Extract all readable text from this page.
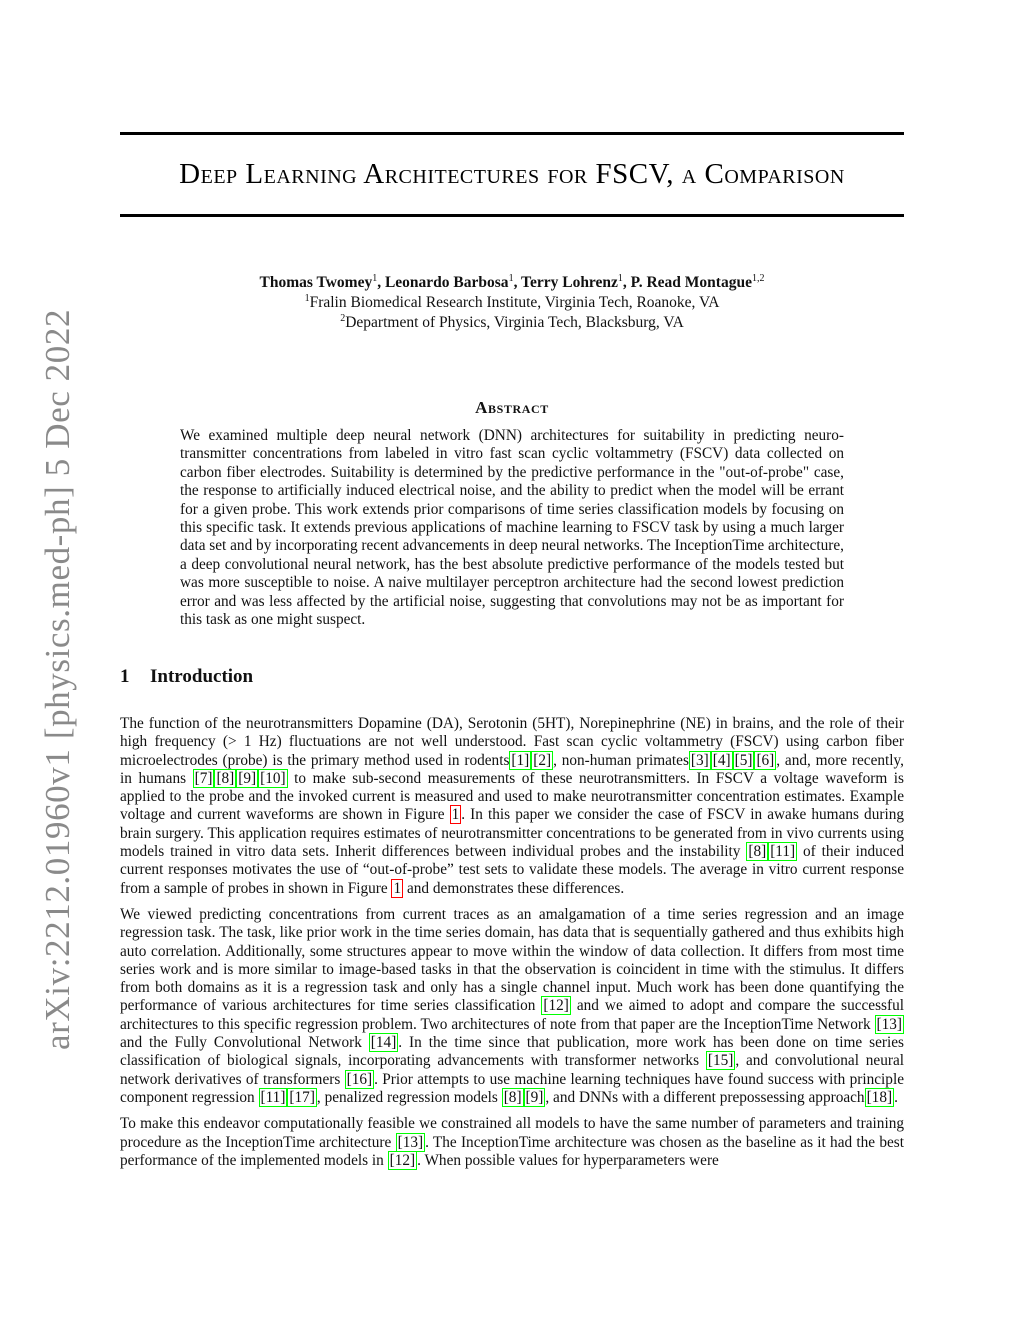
arXiv:2212.01960v1 [physics.med-ph] 5 Dec 2022
Deep Learning Architectures for FSCV, a Comparison
Thomas Twomey$^1$, Leonardo Barbosa$^1$, Terry Lohrenz$^1$, P. Read Montague$^{1,2}$
$^1$Fralin Biomedical Research Institute, Virginia Tech, Roanoke, VA
$^2$Department of Physics, Virginia Tech, Blacksburg, VA
Abstract
We examined multiple deep neural network (DNN) architectures for suitability in predicting neuro-transmitter concentrations from labeled in vitro fast scan cyclic voltammetry (FSCV) data collected on carbon fiber electrodes. Suitability is determined by the predictive performance in the "out-of-probe" case, the response to artificially induced electrical noise, and the ability to predict when the model will be errant for a given probe. This work extends prior comparisons of time series classification models by focusing on this specific task. It extends previous applications of machine learning to FSCV task by using a much larger data set and by incorporating recent advancements in deep neural networks. The InceptionTime architecture, a deep convolutional neural network, has the best absolute predictive performance of the models tested but was more susceptible to noise. A naive multilayer perceptron architecture had the second lowest prediction error and was less affected by the artificial noise, suggesting that convolutions may not be as important for this task as one might suspect.
1 Introduction

The function of the neurotransmitters Dopamine (DA), Serotonin (5HT), Norepinephrine (NE) in brains, and the role of their high frequency (> 1 Hz) fluctuations are not well understood. Fast scan cyclic voltammetry (FSCV) using carbon fiber microelectrodes (probe) is the primary method used in rodents [1] [2] , non-human primates [3] [4] [5] [6] , and, more recently, in humans [7] [8] [9] [10] to make sub-second measurements of these neurotransmitters. In FSCV a voltage waveform is applied to the probe and the invoked current is measured and used to make neurotransmitter concentration estimates. Example voltage and current waveforms are shown in Figure 1 . In this paper we consider the case of FSCV in awake humans during brain surgery. This application requires estimates of neurotransmitter concentrations to be generated from in vivo currents using models trained in vitro data sets. Inherit differences between individual probes and the instability [8] [11] of their induced current responses motivates the use of “out-of-probe” test sets to validate these models. The average in vitro current response from a sample of probes in shown in Figure 1 and demonstrates these differences.

We viewed predicting concentrations from current traces as an amalgamation of a time series regression and an image regression task. The task, like prior work in the time series domain, has data that is sequentially gathered and thus exhibits high auto correlation. Additionally, some structures appear to move within the window of data collection. It differs from most time series work and is more similar to image-based tasks in that the observation is coincident in time with the stimulus. It differs from both domains as it is a regression task and only has a single channel input. Much work has been done quantifying the performance of various architectures for time series classification [12] and we aimed to adopt and compare the successful architectures to this specific regression problem. Two architectures of note from that paper are the InceptionTime Network [13] and the Fully Convolutional Network [14] . In the time since that publication, more work has been done on time series classification of biological signals, incorporating advancements with transformer networks [15] , and convolutional neural network derivatives of transformers [16] . Prior attempts to use machine learning techniques have found success with principle component regression [11] [17] , penalized regression models [8] [9] , and DNNs with a different prepossessing approach [18] .

To make this endeavor computationally feasible we constrained all models to have the same number of parameters and training procedure as the InceptionTime architecture [13] . The InceptionTime architecture was chosen as the baseline as it had the best performance of the implemented models in [12] . When possible values for hyperparameters were
